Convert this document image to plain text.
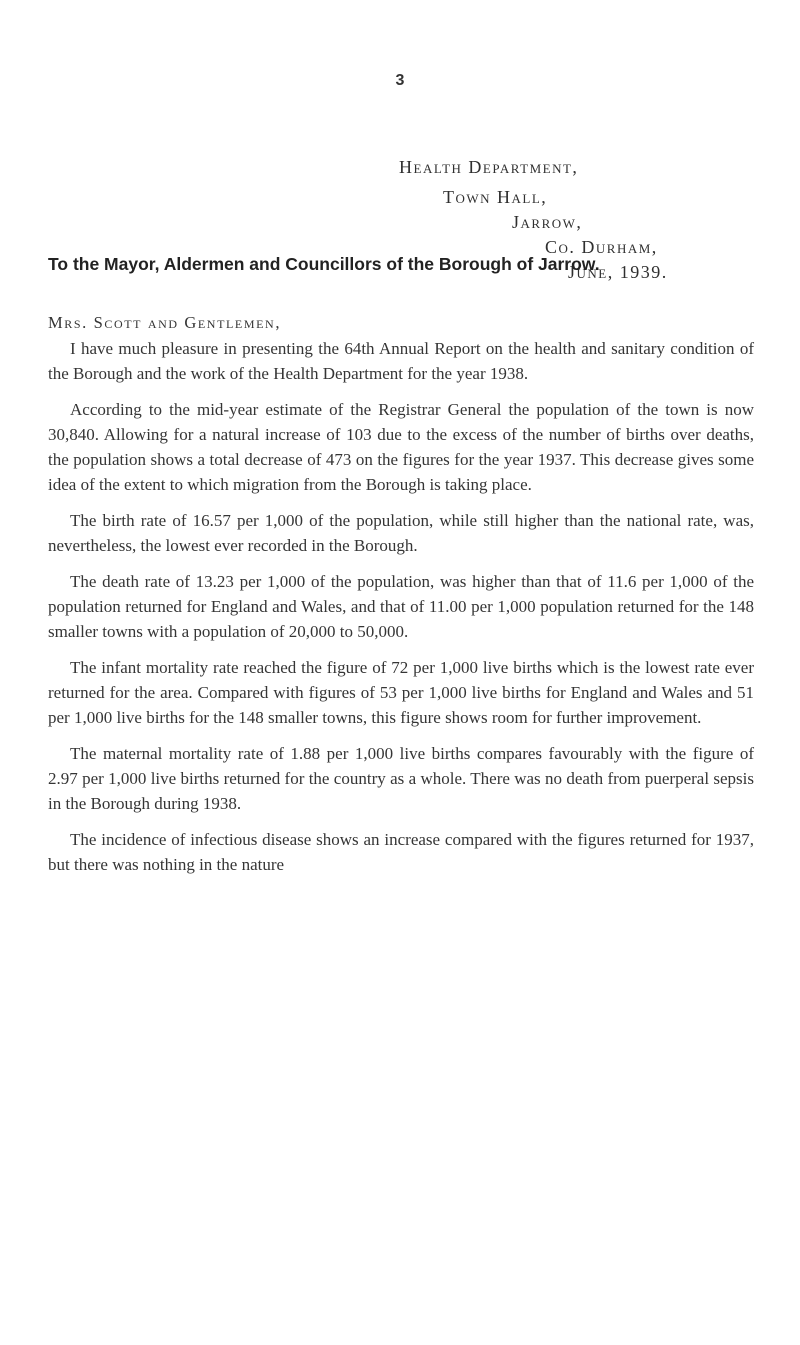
3
Health Department,
Town Hall,
Jarrow,
Co. Durham,
June, 1939.
To the Mayor, Aldermen and Councillors of the Borough of Jarrow.
Mrs. Scott and Gentlemen,

I have much pleasure in presenting the 64th Annual Report on the health and sanitary condition of the Borough and the work of the Health Department for the year 1938.

According to the mid-year estimate of the Registrar General the population of the town is now 30,840. Allowing for a natural increase of 103 due to the excess of the number of births over deaths, the population shows a total decrease of 473 on the figures for the year 1937. This decrease gives some idea of the extent to which migration from the Borough is taking place.

The birth rate of 16.57 per 1,000 of the population, while still higher than the national rate, was, nevertheless, the lowest ever recorded in the Borough.

The death rate of 13.23 per 1,000 of the population, was higher than that of 11.6 per 1,000 of the population returned for England and Wales, and that of 11.00 per 1,000 population returned for the 148 smaller towns with a population of 20,000 to 50,000.

The infant mortality rate reached the figure of 72 per 1,000 live births which is the lowest rate ever returned for the area. Compared with figures of 53 per 1,000 live births for England and Wales and 51 per 1,000 live births for the 148 smaller towns, this figure shows room for further improvement.

The maternal mortality rate of 1.88 per 1,000 live births compares favourably with the figure of 2.97 per 1,000 live births returned for the country as a whole. There was no death from puerperal sepsis in the Borough during 1938.

The incidence of infectious disease shows an increase compared with the figures returned for 1937, but there was nothing in the nature
